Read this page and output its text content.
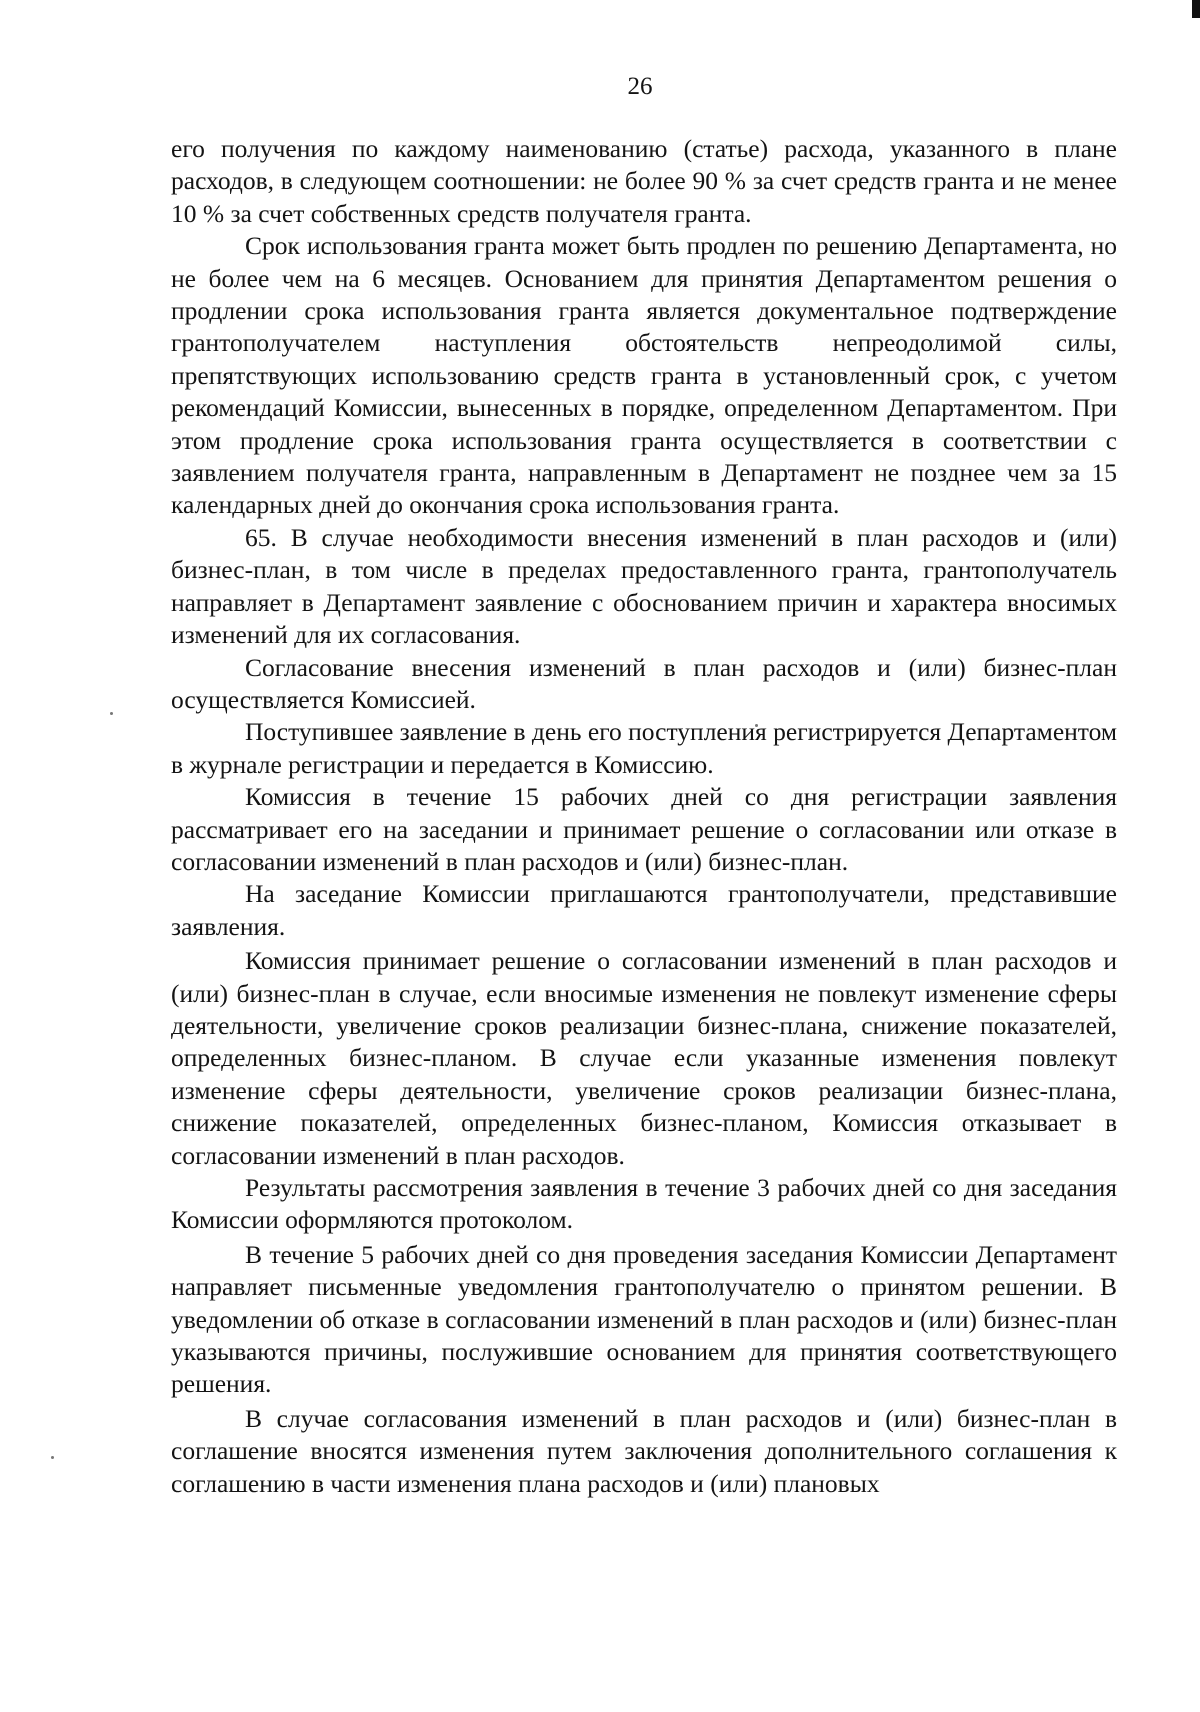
26

его получения по каждому наименованию (статье) расхода, указанного в плане расходов, в следующем соотношении: не более 90 % за счет средств гранта и не менее 10 % за счет собственных средств получателя гранта.

Срок использования гранта может быть продлен по решению Департамента, но не более чем на 6 месяцев. Основанием для принятия Департаментом решения о продлении срока использования гранта является документальное подтверждение грантополучателем наступления обстоятельств непреодолимой силы, препятствующих использованию средств гранта в установленный срок, с учетом рекомендаций Комиссии, вынесенных в порядке, определенном Департаментом. При этом продление срока использования гранта осуществляется в соответствии с заявлением получателя гранта, направленным в Департамент не позднее чем за 15 календарных дней до окончания срока использования гранта.

65. В случае необходимости внесения изменений в план расходов и (или) бизнес-план, в том числе в пределах предоставленного гранта, грантополучатель направляет в Департамент заявление с обоснованием причин и характера вносимых изменений для их согласования.

Согласование внесения изменений в план расходов и (или) бизнес-план осуществляется Комиссией.

Поступившее заявление в день его поступления регистрируется Департаментом в журнале регистрации и передается в Комиссию.

Комиссия в течение 15 рабочих дней со дня регистрации заявления рассматривает его на заседании и принимает решение о согласовании или отказе в согласовании изменений в план расходов и (или) бизнес-план.

На заседание Комиссии приглашаются грантополучатели, представившие заявления.

Комиссия принимает решение о согласовании изменений в план расходов и (или) бизнес-план в случае, если вносимые изменения не повлекут изменение сферы деятельности, увеличение сроков реализации бизнес-плана, снижение показателей, определенных бизнес-планом. В случае если указанные изменения повлекут изменение сферы деятельности, увеличение сроков реализации бизнес-плана, снижение показателей, определенных бизнес-планом, Комиссия отказывает в согласовании изменений в план расходов.

Результаты рассмотрения заявления в течение 3 рабочих дней со дня заседания Комиссии оформляются протоколом.

В течение 5 рабочих дней со дня проведения заседания Комиссии Департамент направляет письменные уведомления грантополучателю о принятом решении. В уведомлении об отказе в согласовании изменений в план расходов и (или) бизнес-план указываются причины, послужившие основанием для принятия соответствующего решения.

В случае согласования изменений в план расходов и (или) бизнес-план в соглашение вносятся изменения путем заключения дополнительного соглашения к соглашению в части изменения плана расходов и (или) плановых
